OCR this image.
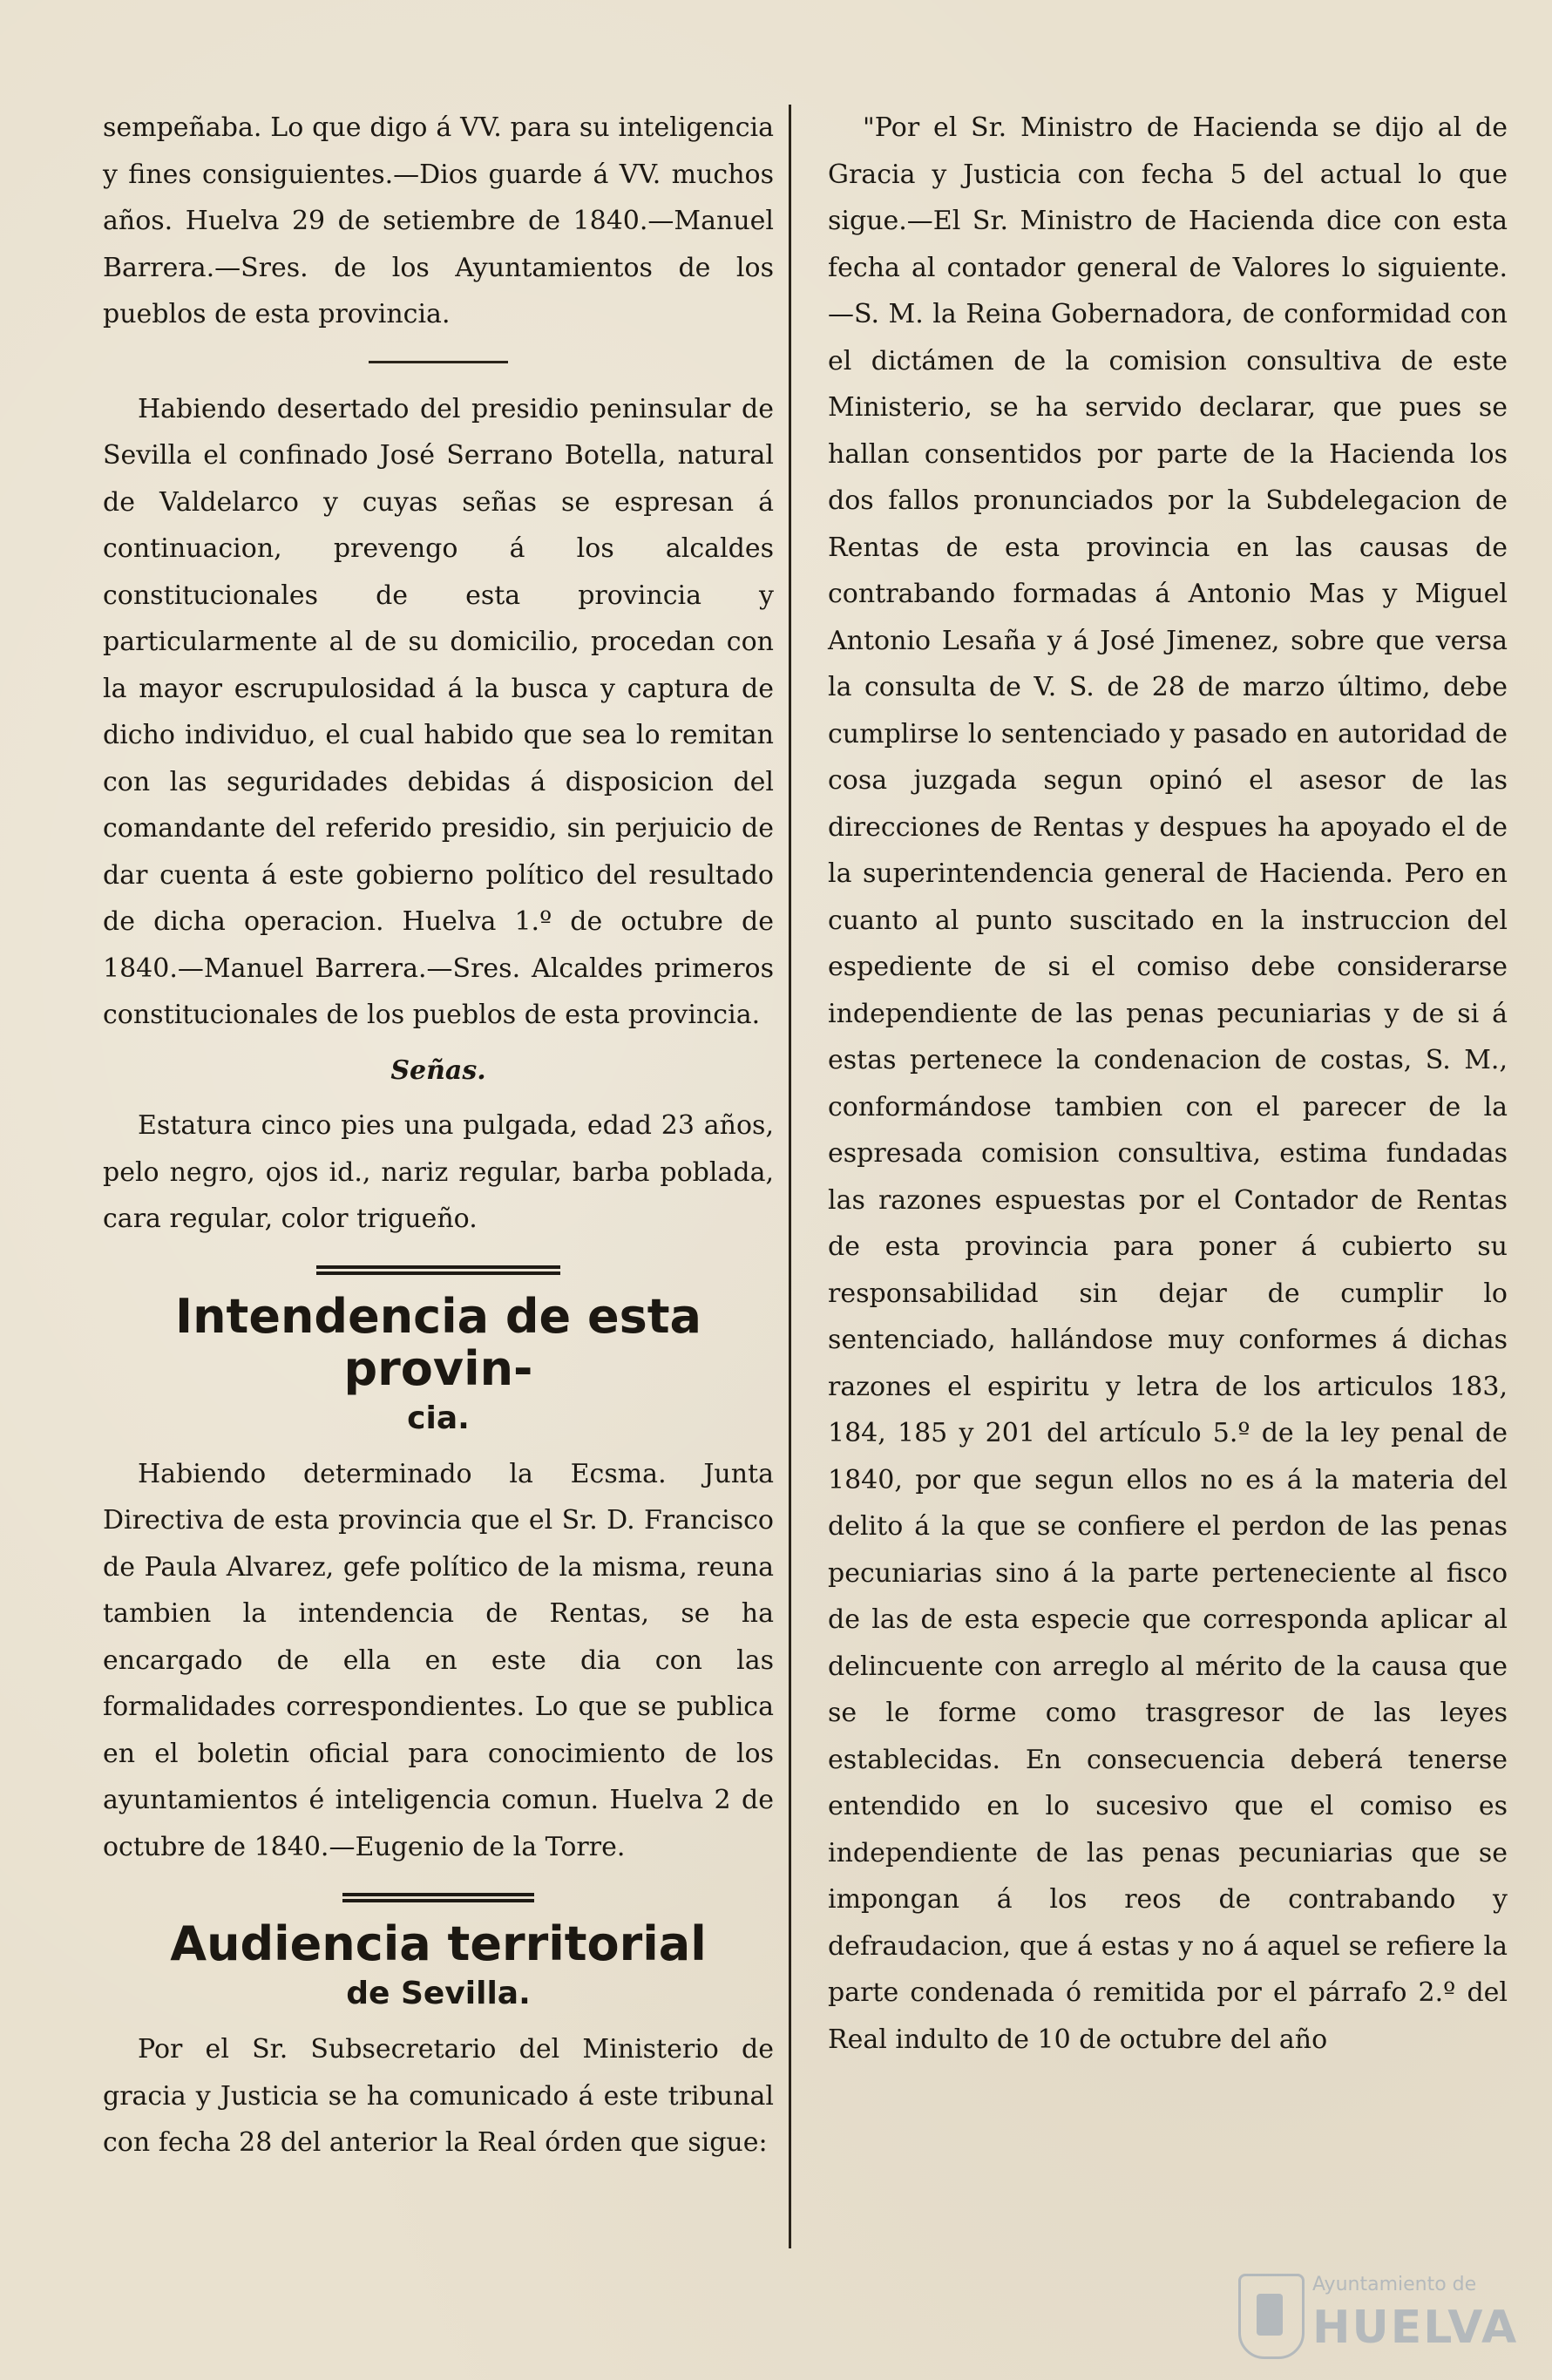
sempeñaba. Lo que digo á VV. para su inteligencia y fines consiguientes.—Dios guarde á VV. muchos años. Huelva 29 de setiembre de 1840.—Manuel Barrera.—Sres. de los Ayuntamientos de los pueblos de esta provincia.

Habiendo desertado del presidio peninsular de Sevilla el confinado José Serrano Botella, natural de Valdelarco y cuyas señas se espresan á continuacion, prevengo á los alcaldes constitucionales de esta provincia y particularmente al de su domicilio, procedan con la mayor escrupulosidad á la busca y captura de dicho individuo, el cual habido que sea lo remitan con las seguridades debidas á disposicion del comandante del referido presidio, sin perjuicio de dar cuenta á este gobierno político del resultado de dicha operacion. Huelva 1.º de octubre de 1840.—Manuel Barrera.—Sres. Alcaldes primeros constitucionales de los pueblos de esta provincia.

Señas.

Estatura cinco pies una pulgada, edad 23 años, pelo negro, ojos id., nariz regular, barba poblada, cara regular, color trigueño.

Intendencia de esta provin-
cia.

Habiendo determinado la Ecsma. Junta Directiva de esta provincia que el Sr. D. Francisco de Paula Alvarez, gefe político de la misma, reuna tambien la intendencia de Rentas, se ha encargado de ella en este dia con las formalidades correspondientes. Lo que se publica en el boletin oficial para conocimiento de los ayuntamientos é inteligencia comun. Huelva 2 de octubre de 1840.—Eugenio de la Torre.

Audiencia territorial
de Sevilla.

Por el Sr. Subsecretario del Ministerio de gracia y Justicia se ha comunicado á este tribunal con fecha 28 del anterior la Real órden que sigue:

"Por el Sr. Ministro de Hacienda se dijo al de Gracia y Justicia con fecha 5 del actual lo que sigue.—El Sr. Ministro de Hacienda dice con esta fecha al contador general de Valores lo siguiente.—S. M. la Reina Gobernadora, de conformidad con el dictámen de la comision consultiva de este Ministerio, se ha servido declarar, que pues se hallan consentidos por parte de la Hacienda los dos fallos pronunciados por la Subdelegacion de Rentas de esta provincia en las causas de contrabando formadas á Antonio Mas y Miguel Antonio Lesaña y á José Jimenez, sobre que versa la consulta de V. S. de 28 de marzo último, debe cumplirse lo sentenciado y pasado en autoridad de cosa juzgada segun opinó el asesor de las direcciones de Rentas y despues ha apoyado el de la superintendencia general de Hacienda. Pero en cuanto al punto suscitado en la instruccion del espediente de si el comiso debe considerarse independiente de las penas pecuniarias y de si á estas pertenece la condenacion de costas, S. M., conformándose tambien con el parecer de la espresada comision consultiva, estima fundadas las razones espuestas por el Contador de Rentas de esta provincia para poner á cubierto su responsabilidad sin dejar de cumplir lo sentenciado, hallándose muy conformes á dichas razones el espiritu y letra de los articulos 183, 184, 185 y 201 del artículo 5.º de la ley penal de 1840, por que segun ellos no es á la materia del delito á la que se confiere el perdon de las penas pecuniarias sino á la parte perteneciente al fisco de las de esta especie que corresponda aplicar al delincuente con arreglo al mérito de la causa que se le forme como trasgresor de las leyes establecidas. En consecuencia deberá tenerse entendido en lo sucesivo que el comiso es independiente de las penas pecuniarias que se impongan á los reos de contrabando y defraudacion, que á estas y no á aquel se refiere la parte condenada ó remitida por el párrafo 2.º del Real indulto de 10 de octubre del año

Ayuntamiento de
HUELVA
